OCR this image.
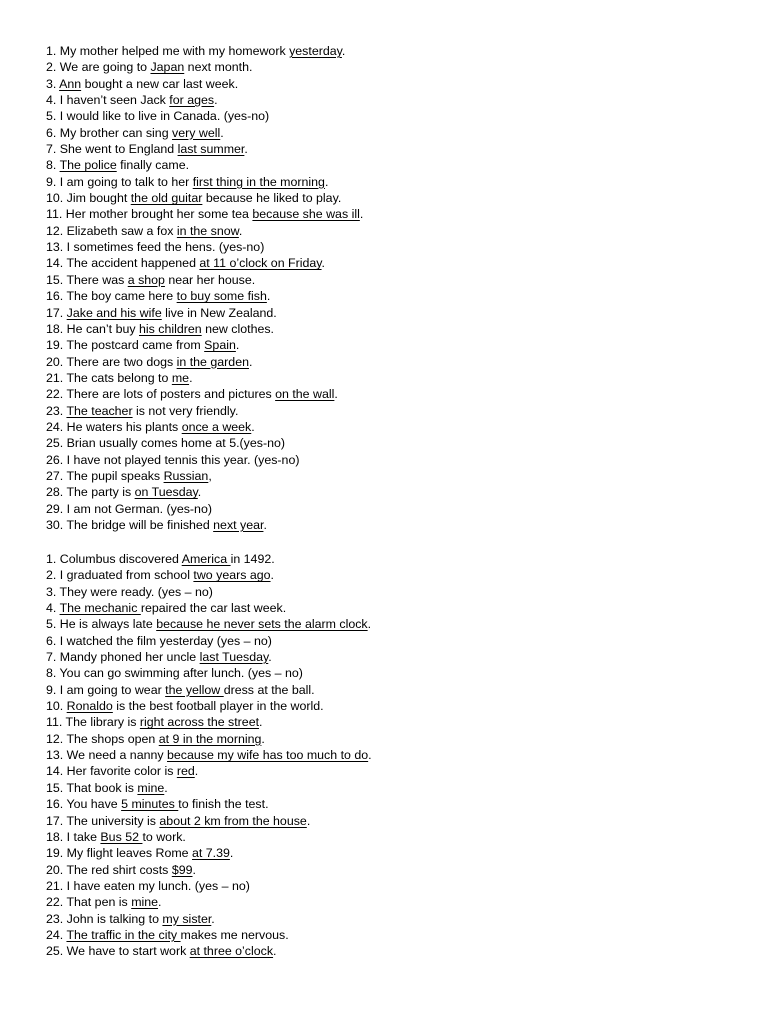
1. My mother helped me with my homework yesterday.
2. We are going to Japan next month.
3. Ann bought a new car last week.
4. I haven’t seen Jack for ages.
5. I would like to live in Canada. (yes-no)
6. My brother can sing very well.
7. She went to England last summer.
8. The police finally came.
9. I am going to talk to her first thing in the morning.
10. Jim bought the old guitar because he liked to play.
11. Her mother brought her some tea because she was ill.
12. Elizabeth saw a fox in the snow.
13. I sometimes feed the hens. (yes-no)
14. The accident happened at 11 o’clock on Friday.
15. There was a shop near her house.
16. The boy came here to buy some fish.
17. Jake and his wife live in New Zealand.
18. He can’t buy his children new clothes.
19. The postcard came from Spain.
20. There are two dogs in the garden.
21. The cats belong to me.
22. There are lots of posters and pictures on the wall.
23. The teacher is not very friendly.
24. He waters his plants once a week.
25. Brian usually comes home at 5.(yes-no)
26. I have not played tennis this year. (yes-no)
27. The pupil speaks Russian,
28. The party is on Tuesday.
29. I am not German. (yes-no)
30. The bridge will be finished next year.
1. Columbus discovered America in 1492.
2. I graduated from school two years ago.
3. They were ready. (yes – no)
4. The mechanic repaired the car last week.
5. He is always late because he never sets the alarm clock.
6. I watched the film yesterday (yes – no)
7. Mandy phoned her uncle last Tuesday.
8. You can go swimming after lunch. (yes – no)
9. I am going to wear the yellow dress at the ball.
10. Ronaldo is the best football player in the world.
11. The library is right across the street.
12. The shops open at 9 in the morning.
13. We need a nanny because my wife has too much to do.
14. Her favorite color is red.
15. That book is mine.
16. You have 5 minutes to finish the test.
17. The university is about 2 km from the house.
18. I take Bus 52 to work.
19. My flight leaves Rome at 7.39.
20. The red shirt costs $99.
21. I have eaten my lunch. (yes – no)
22. That pen is mine.
23. John is talking to my sister.
24. The traffic in the city makes me nervous.
25. We have to start work at three o’clock.
